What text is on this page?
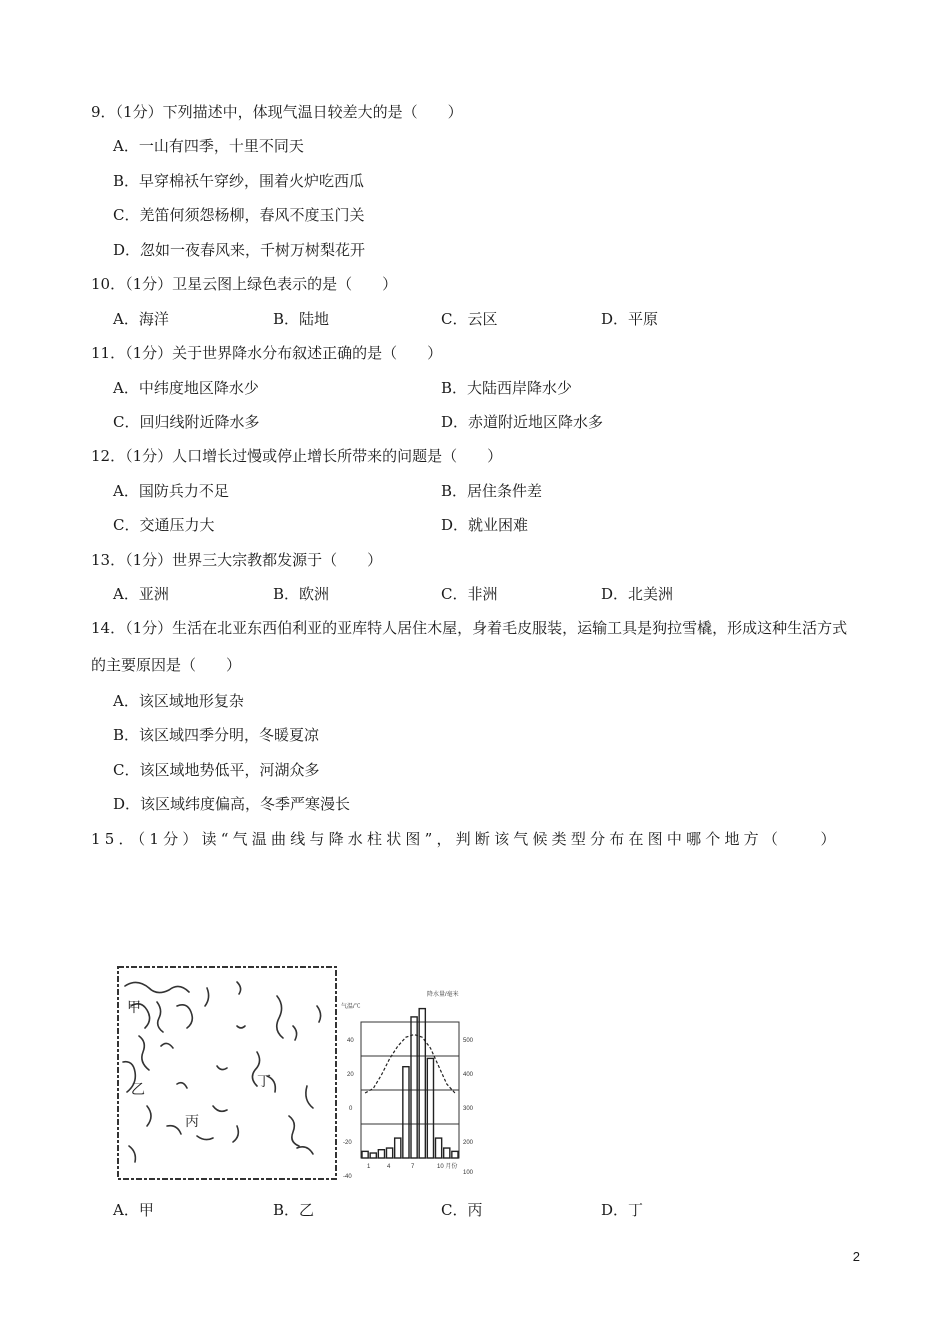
9．（1分）下列描述中，体现气温日较差大的是（　　）
A．一山有四季，十里不同天
B．早穿棉袄午穿纱，围着火炉吃西瓜
C．羌笛何须怨杨柳，春风不度玉门关
D．忽如一夜春风来，千树万树梨花开
10．（1分）卫星云图上绿色表示的是（　　）
A．海洋	B．陆地	C．云区	D．平原
11．（1分）关于世界降水分布叙述正确的是（　　）
A．中纬度地区降水少	B．大陆西岸降水少
C．回归线附近降水多	D．赤道附近地区降水多
12．（1分）人口增长过慢或停止增长所带来的问题是（　　）
A．国防兵力不足	B．居住条件差
C．交通压力大	D．就业困难
13．（1分）世界三大宗教都发源于（　　）
A．亚洲	B．欧洲	C．非洲	D．北美洲
14．（1分）生活在北亚东西伯利亚的亚库特人居住木屋，身着毛皮服装，运输工具是狗拉雪橇，形成这种生活方式的主要原因是（　　）
A．该区域地形复杂
B．该区域四季分明，冬暖夏凉
C．该区域地势低平，河湖众多
D．该区域纬度偏高，冬季严寒漫长
15．（1分）读“气温曲线与降水柱状图”，判断该气候类型分布在图中哪个地方（　　）
甲
乙
丙
丁
气温/℃
降水量/毫米
40
20
0
-20
-40
500
400
300
200
100
1	4	7	10 月份
A．甲	B．乙	C．丙	D．丁
2
